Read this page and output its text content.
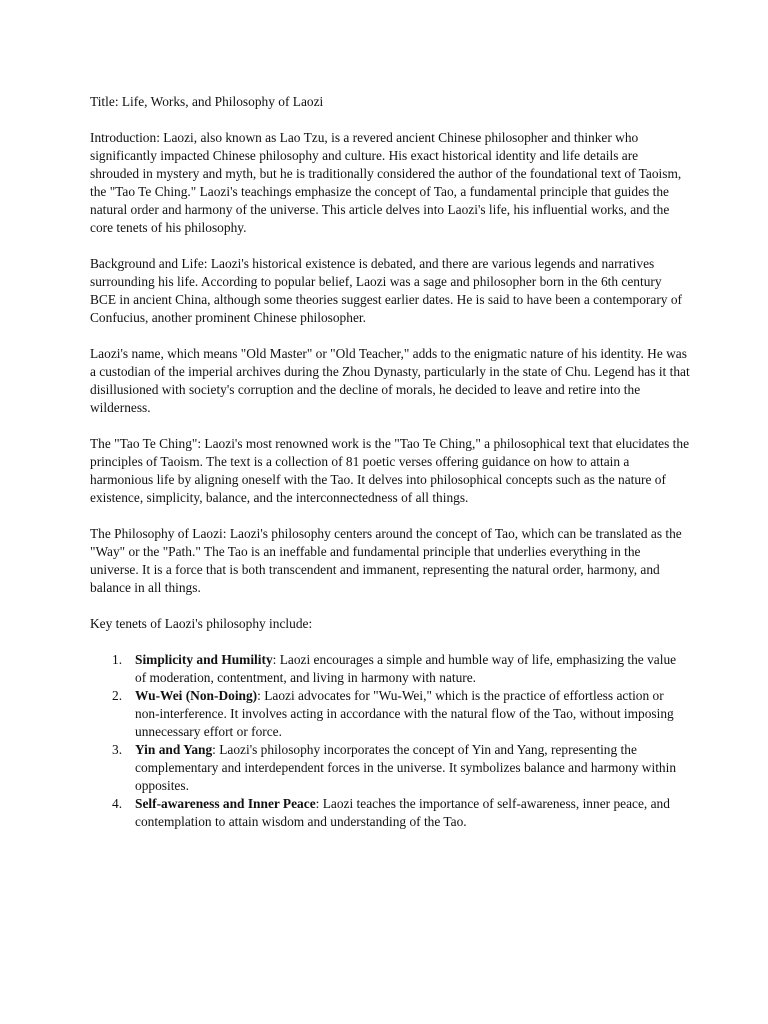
Title: Life, Works, and Philosophy of Laozi

Introduction: Laozi, also known as Lao Tzu, is a revered ancient Chinese philosopher and thinker who significantly impacted Chinese philosophy and culture. His exact historical identity and life details are shrouded in mystery and myth, but he is traditionally considered the author of the foundational text of Taoism, the "Tao Te Ching." Laozi's teachings emphasize the concept of Tao, a fundamental principle that guides the natural order and harmony of the universe. This article delves into Laozi's life, his influential works, and the core tenets of his philosophy.

Background and Life: Laozi's historical existence is debated, and there are various legends and narratives surrounding his life. According to popular belief, Laozi was a sage and philosopher born in the 6th century BCE in ancient China, although some theories suggest earlier dates. He is said to have been a contemporary of Confucius, another prominent Chinese philosopher.

Laozi's name, which means "Old Master" or "Old Teacher," adds to the enigmatic nature of his identity. He was a custodian of the imperial archives during the Zhou Dynasty, particularly in the state of Chu. Legend has it that disillusioned with society's corruption and the decline of morals, he decided to leave and retire into the wilderness.

The "Tao Te Ching": Laozi's most renowned work is the "Tao Te Ching," a philosophical text that elucidates the principles of Taoism. The text is a collection of 81 poetic verses offering guidance on how to attain a harmonious life by aligning oneself with the Tao. It delves into philosophical concepts such as the nature of existence, simplicity, balance, and the interconnectedness of all things.

The Philosophy of Laozi: Laozi's philosophy centers around the concept of Tao, which can be translated as the "Way" or the "Path." The Tao is an ineffable and fundamental principle that underlies everything in the universe. It is a force that is both transcendent and immanent, representing the natural order, harmony, and balance in all things.

Key tenets of Laozi's philosophy include:

1. Simplicity and Humility: Laozi encourages a simple and humble way of life, emphasizing the value of moderation, contentment, and living in harmony with nature.
2. Wu-Wei (Non-Doing): Laozi advocates for "Wu-Wei," which is the practice of effortless action or non-interference. It involves acting in accordance with the natural flow of the Tao, without imposing unnecessary effort or force.
3. Yin and Yang: Laozi's philosophy incorporates the concept of Yin and Yang, representing the complementary and interdependent forces in the universe. It symbolizes balance and harmony within opposites.
4. Self-awareness and Inner Peace: Laozi teaches the importance of self-awareness, inner peace, and contemplation to attain wisdom and understanding of the Tao.
